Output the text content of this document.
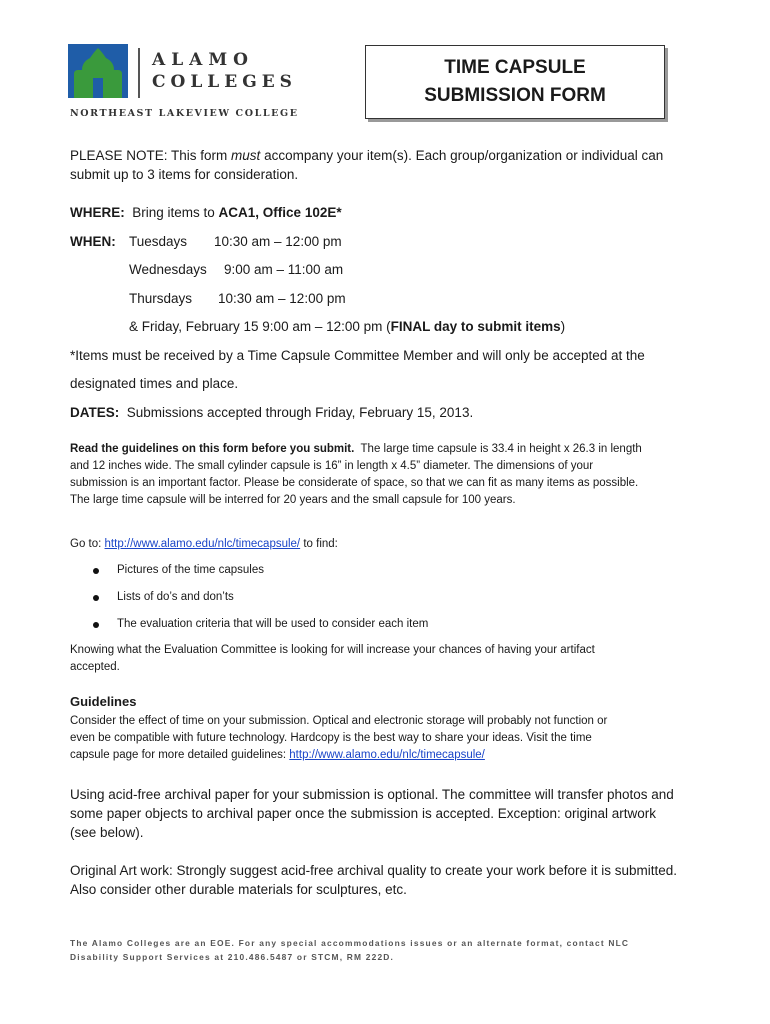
ALAMO
COLLEGES
NORTHEAST LAKEVIEW COLLEGE
TIME CAPSULE
SUBMISSION FORM
PLEASE NOTE: This form must accompany your item(s). Each group/organization or individual can
submit up to 3 items for consideration.
WHERE: Bring items to ACA1, Office 102E*
WHEN: Tuesdays 10:30 am – 12:00 pm
Wednesdays 9:00 am – 11:00 am
Thursdays 10:30 am – 12:00 pm
& Friday, February 15 9:00 am – 12:00 pm (FINAL day to submit items)
*Items must be received by a Time Capsule Committee Member and will only be accepted at the
designated times and place.
DATES: Submissions accepted through Friday, February 15, 2013.
Read the guidelines on this form before you submit. The large time capsule is 33.4 in height x 26.3 in length
and 12 inches wide. The small cylinder capsule is 16” in length x 4.5” diameter. The dimensions of your
submission is an important factor. Please be considerate of space, so that we can fit as many items as possible.
The large time capsule will be interred for 20 years and the small capsule for 100 years.
Go to: http://www.alamo.edu/nlc/timecapsule/ to find:
Pictures of the time capsules
Lists of do’s and don’ts
The evaluation criteria that will be used to consider each item
Knowing what the Evaluation Committee is looking for will increase your chances of having your artifact
accepted.
Guidelines
Consider the effect of time on your submission. Optical and electronic storage will probably not function or
even be compatible with future technology. Hardcopy is the best way to share your ideas. Visit the time
capsule page for more detailed guidelines: http://www.alamo.edu/nlc/timecapsule/
Using acid-free archival paper for your submission is optional. The committee will transfer photos and
some paper objects to archival paper once the submission is accepted. Exception: original artwork
(see below).
Original Art work: Strongly suggest acid-free archival quality to create your work before it is submitted.
Also consider other durable materials for sculptures, etc.
The Alamo Colleges are an EOE. For any special accommodations issues or an alternate format, contact NLC
Disability Support Services at 210.486.5487 or STCM, RM 222D.
